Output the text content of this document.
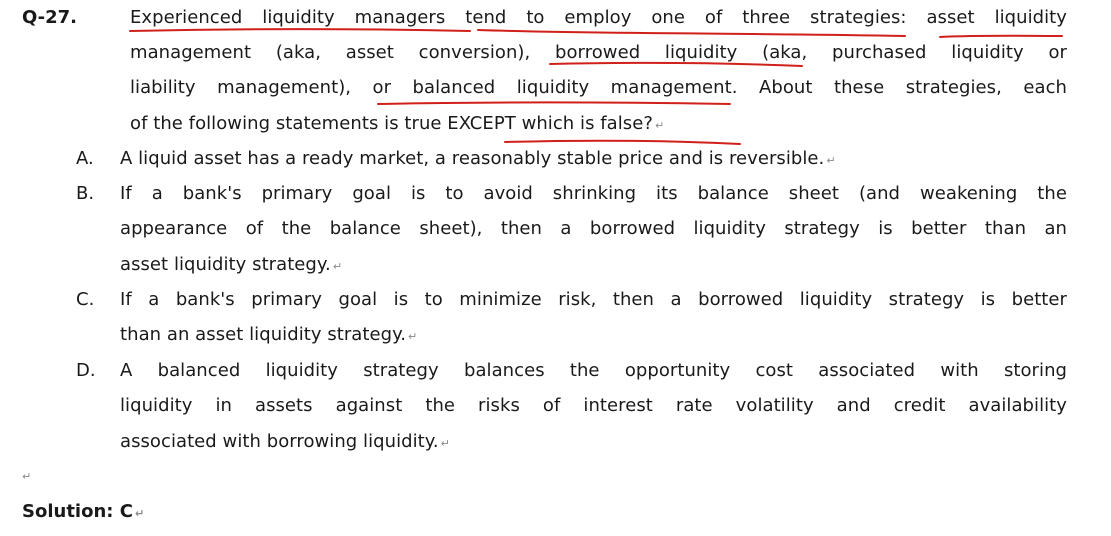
Q-27.	Experienced liquidity managers tend to employ one of three strategies: asset liquidity
management (aka, asset conversion), borrowed liquidity (aka, purchased liquidity or
liability management), or balanced liquidity management. About these strategies, each
of the following statements is true EXCEPT which is false? ↵
A. A liquid asset has a ready market, a reasonably stable price and is reversible. ↵
B. If a bank's primary goal is to avoid shrinking its balance sheet (and weakening the
appearance of the balance sheet), then a borrowed liquidity strategy is better than an
asset liquidity strategy. ↵
C. If a bank's primary goal is to minimize risk, then a borrowed liquidity strategy is better
than an asset liquidity strategy. ↵
D. A balanced liquidity strategy balances the opportunity cost associated with storing
liquidity in assets against the risks of interest rate volatility and credit availability
associated with borrowing liquidity. ↵
↵
Solution: C ↵
